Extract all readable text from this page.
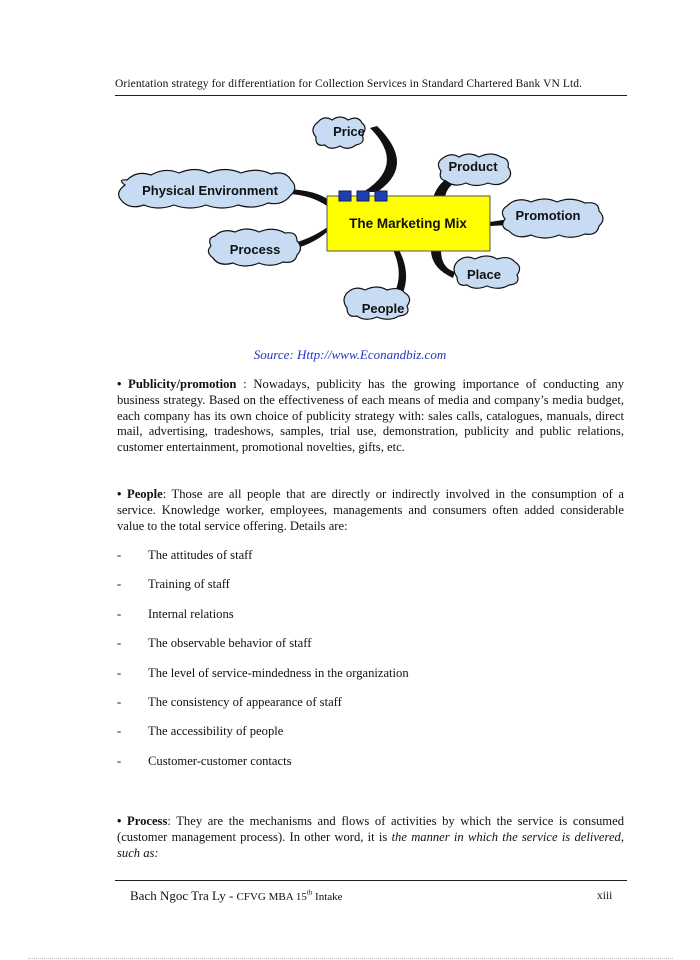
Orientation strategy for differentiation for Collection Services in Standard Chartered Bank VN Ltd.
The Marketing Mix
Price
Product
Physical Environment
Promotion
Process
Place
People
Source: Http://www.Econandbiz.com
• Publicity/promotion : Nowadays, publicity has the growing importance of conducting any business strategy. Based on the effectiveness of each means of media and company’s media budget, each company has its own choice of publicity strategy with: sales calls, catalogues, manuals, direct mail, advertising, tradeshows, samples, trial use, demonstration, publicity and public relations, customer entertainment, promotional novelties, gifts, etc.
• People: Those are all people that are directly or indirectly involved in the consumption of a service. Knowledge worker, employees, managements and consumers often added considerable value to the total service offering. Details are:
- The attitudes of staff
- Training of staff
- Internal relations
- The observable behavior of staff
- The level of service-mindedness in the organization
- The consistency of appearance of staff
- The accessibility of people
- Customer-customer contacts
• Process: They are the mechanisms and flows of activities by which the service is consumed (customer management process). In other word, it is the manner in which the service is delivered, such as:
Bach Ngoc Tra Ly - CFVG MBA 15th Intake	xiii
